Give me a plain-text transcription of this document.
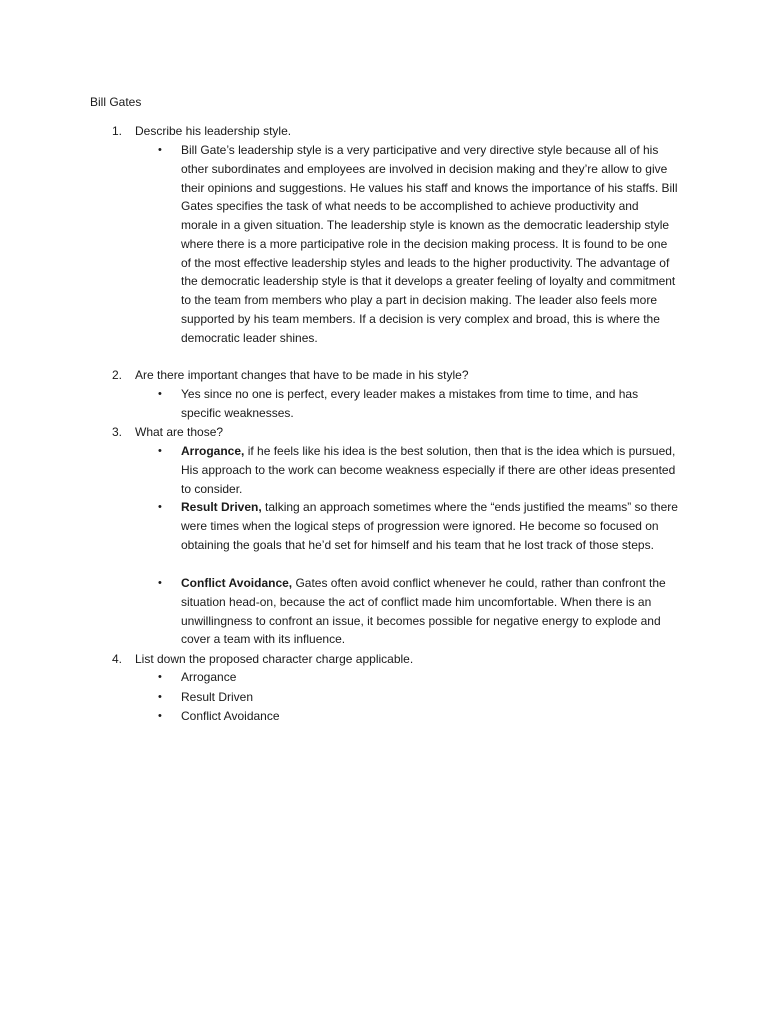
Bill Gates
1.	Describe his leadership style.
•	Bill Gate’s leadership style is a very participative and very directive style because all of his other subordinates and employees are involved in decision making and they’re allow to give their opinions and suggestions. He values his staff and knows the importance of his staffs. Bill Gates specifies the task of what needs to be accomplished to achieve productivity and morale in a given situation. The leadership style is known as the democratic leadership style where there is a more participative role in the decision making process. It is found to be one of the most effective leadership styles and leads to the higher productivity. The advantage of the democratic leadership style is that it develops a greater feeling of loyalty and commitment to the team from members who play a part in decision making. The leader also feels more supported by his team members. If a decision is very complex and broad, this is where the democratic leader shines.
2.	Are there important changes that have to be made in his style?
•	Yes since no one is perfect, every leader makes a mistakes from time to time, and has specific weaknesses.
3.	What are those?
•	Arrogance, if he feels like his idea is the best solution, then that is the idea which is pursued, His approach to the work can become weakness especially if there are other ideas presented to consider.
•	Result Driven, talking an approach sometimes where the “ends justified the meams” so there were times when the logical steps of progression were ignored. He become so focused on obtaining the goals that he’d set for himself and his team that he lost track of those steps.
•	Conflict Avoidance, Gates often avoid conflict whenever he could, rather than confront the situation head-on, because the act of conflict made him uncomfortable. When there is an unwillingness to confront an issue, it becomes possible for negative energy to explode and cover a team with its influence.
4.	List down the proposed character charge applicable.
•	Arrogance
•	Result Driven
•	Conflict Avoidance
